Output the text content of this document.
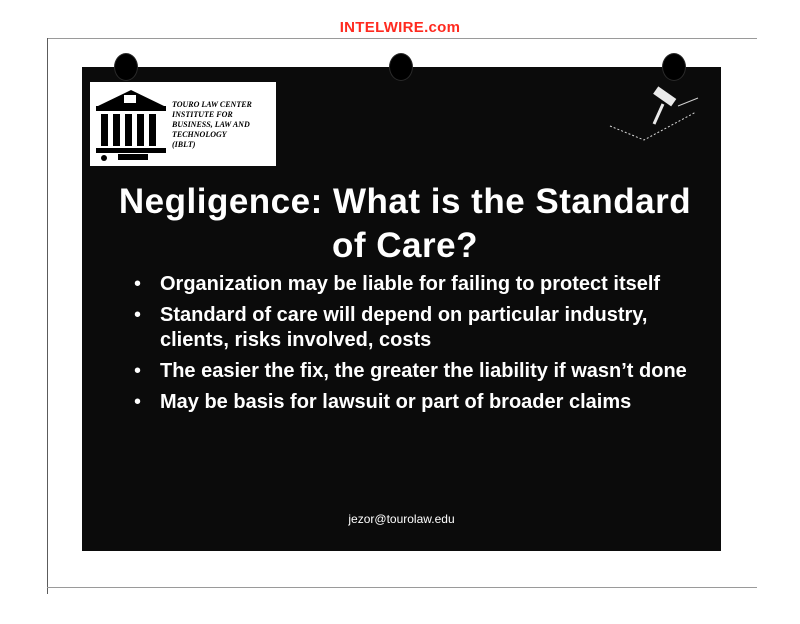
INTELWIRE.com
TOURO LAW CENTER
INSTITUTE FOR
BUSINESS, LAW AND
TECHNOLOGY
(IBLT)
Negligence: What is the Standard of Care?
• Organization may be liable for failing to protect itself
• Standard of care will depend on particular industry, clients, risks involved, costs
• The easier the fix, the greater the liability if wasn’t done
• May be basis for lawsuit or part of broader claims
jezor@tourolaw.edu
